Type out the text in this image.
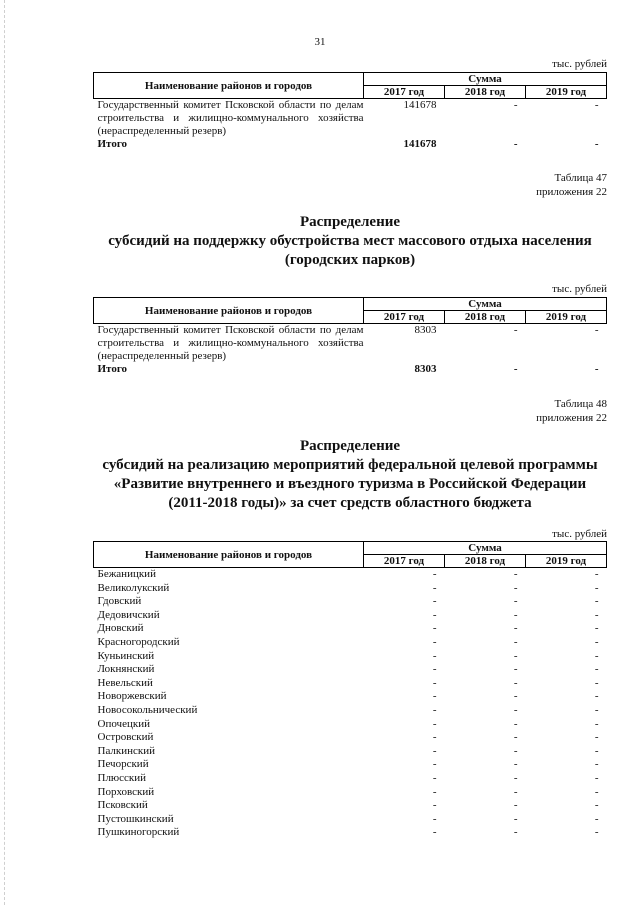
31
тыс. рублей
Наименование районов и городов	Сумма		
	2017 год	2018 год	2019 год
Государственный комитет Псковской области по делам строительства и жилищно-коммунального хозяйства (нераспределенный резерв)	141678	-	-
Итого	141678	-	-
Таблица 47
приложения 22
Распределение
субсидий на поддержку обустройства мест массового отдыха населения
(городских парков)
тыс. рублей
Наименование районов и городов	Сумма		
	2017 год	2018 год	2019 год
Государственный комитет Псковской области по делам строительства и жилищно-коммунального хозяйства (нераспределенный резерв)	8303	-	-
Итого	8303	-	-
Таблица 48
приложения 22
Распределение
субсидий на реализацию мероприятий федеральной целевой программы
«Развитие внутреннего и въездного туризма в Российской Федерации
(2011-2018 годы)» за счет средств областного бюджета
тыс. рублей
Наименование районов и городов	Сумма		
	2017 год	2018 год	2019 год
Бежаницкий	-	-	-
Великолукский	-	-	-
Гдовский	-	-	-
Дедовичский	-	-	-
Дновский	-	-	-
Красногородский	-	-	-
Куньинский	-	-	-
Локнянский	-	-	-
Невельский	-	-	-
Новоржевский	-	-	-
Новосокольнический	-	-	-
Опочецкий	-	-	-
Островский	-	-	-
Палкинский	-	-	-
Печорский	-	-	-
Плюсский	-	-	-
Порховский	-	-	-
Псковский	-	-	-
Пустошкинский	-	-	-
Пушкиногорский	-	-	-
